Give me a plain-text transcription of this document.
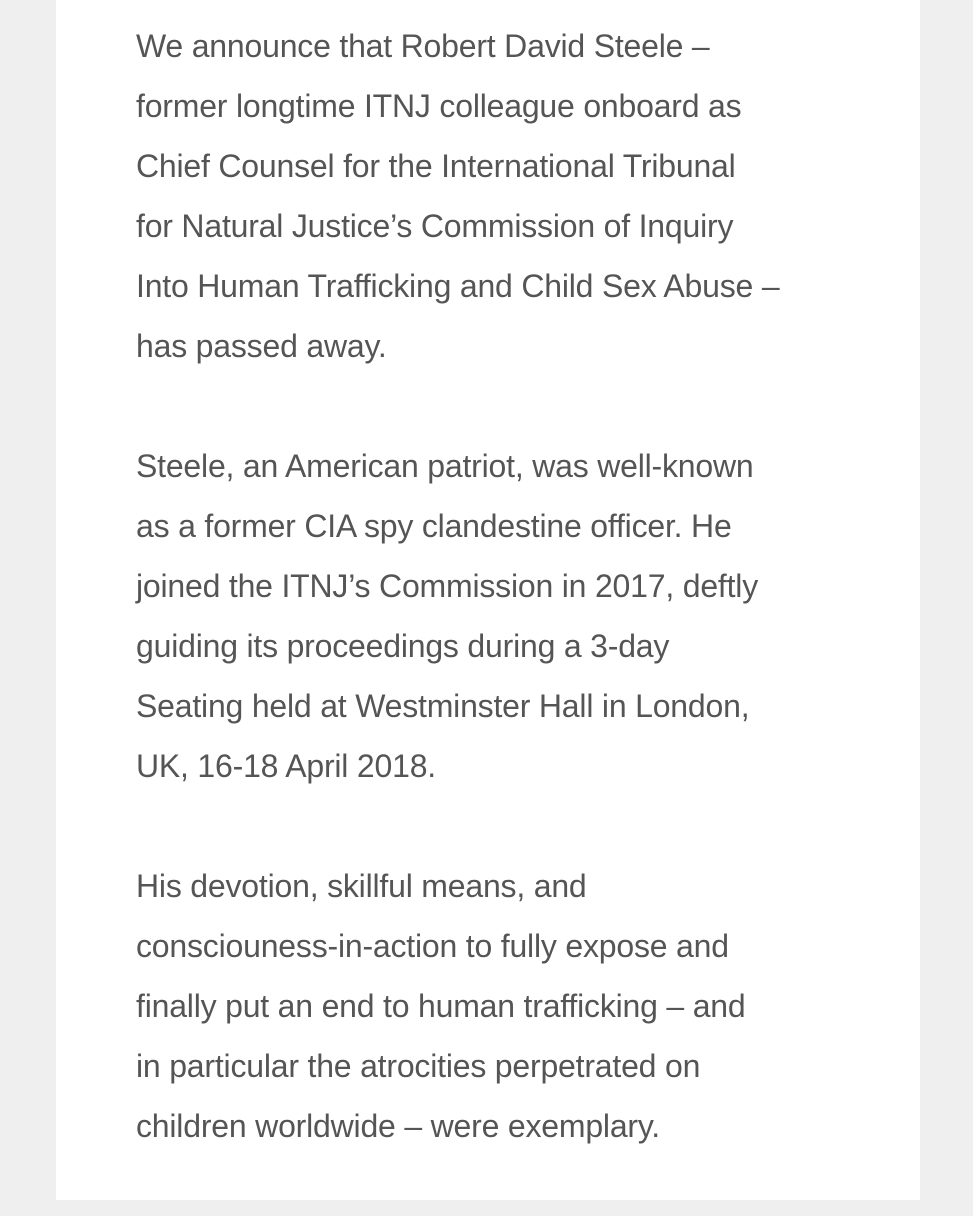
We announce that Robert David Steele –
former longtime ITNJ colleague onboard as
Chief Counsel for the International Tribunal
for Natural Justice’s Commission of Inquiry
Into Human Trafficking and Child Sex Abuse –
has passed away.

Steele, an American patriot, was well-known
as a former CIA spy clandestine officer. He
joined the ITNJ’s Commission in 2017, deftly
guiding its proceedings during a 3-day
Seating held at Westminster Hall in London,
UK, 16-18 April 2018.

His devotion, skillful means, and
consciouness-in-action to fully expose and
finally put an end to human trafficking – and
in particular the atrocities perpetrated on
children worldwide – were exemplary.
